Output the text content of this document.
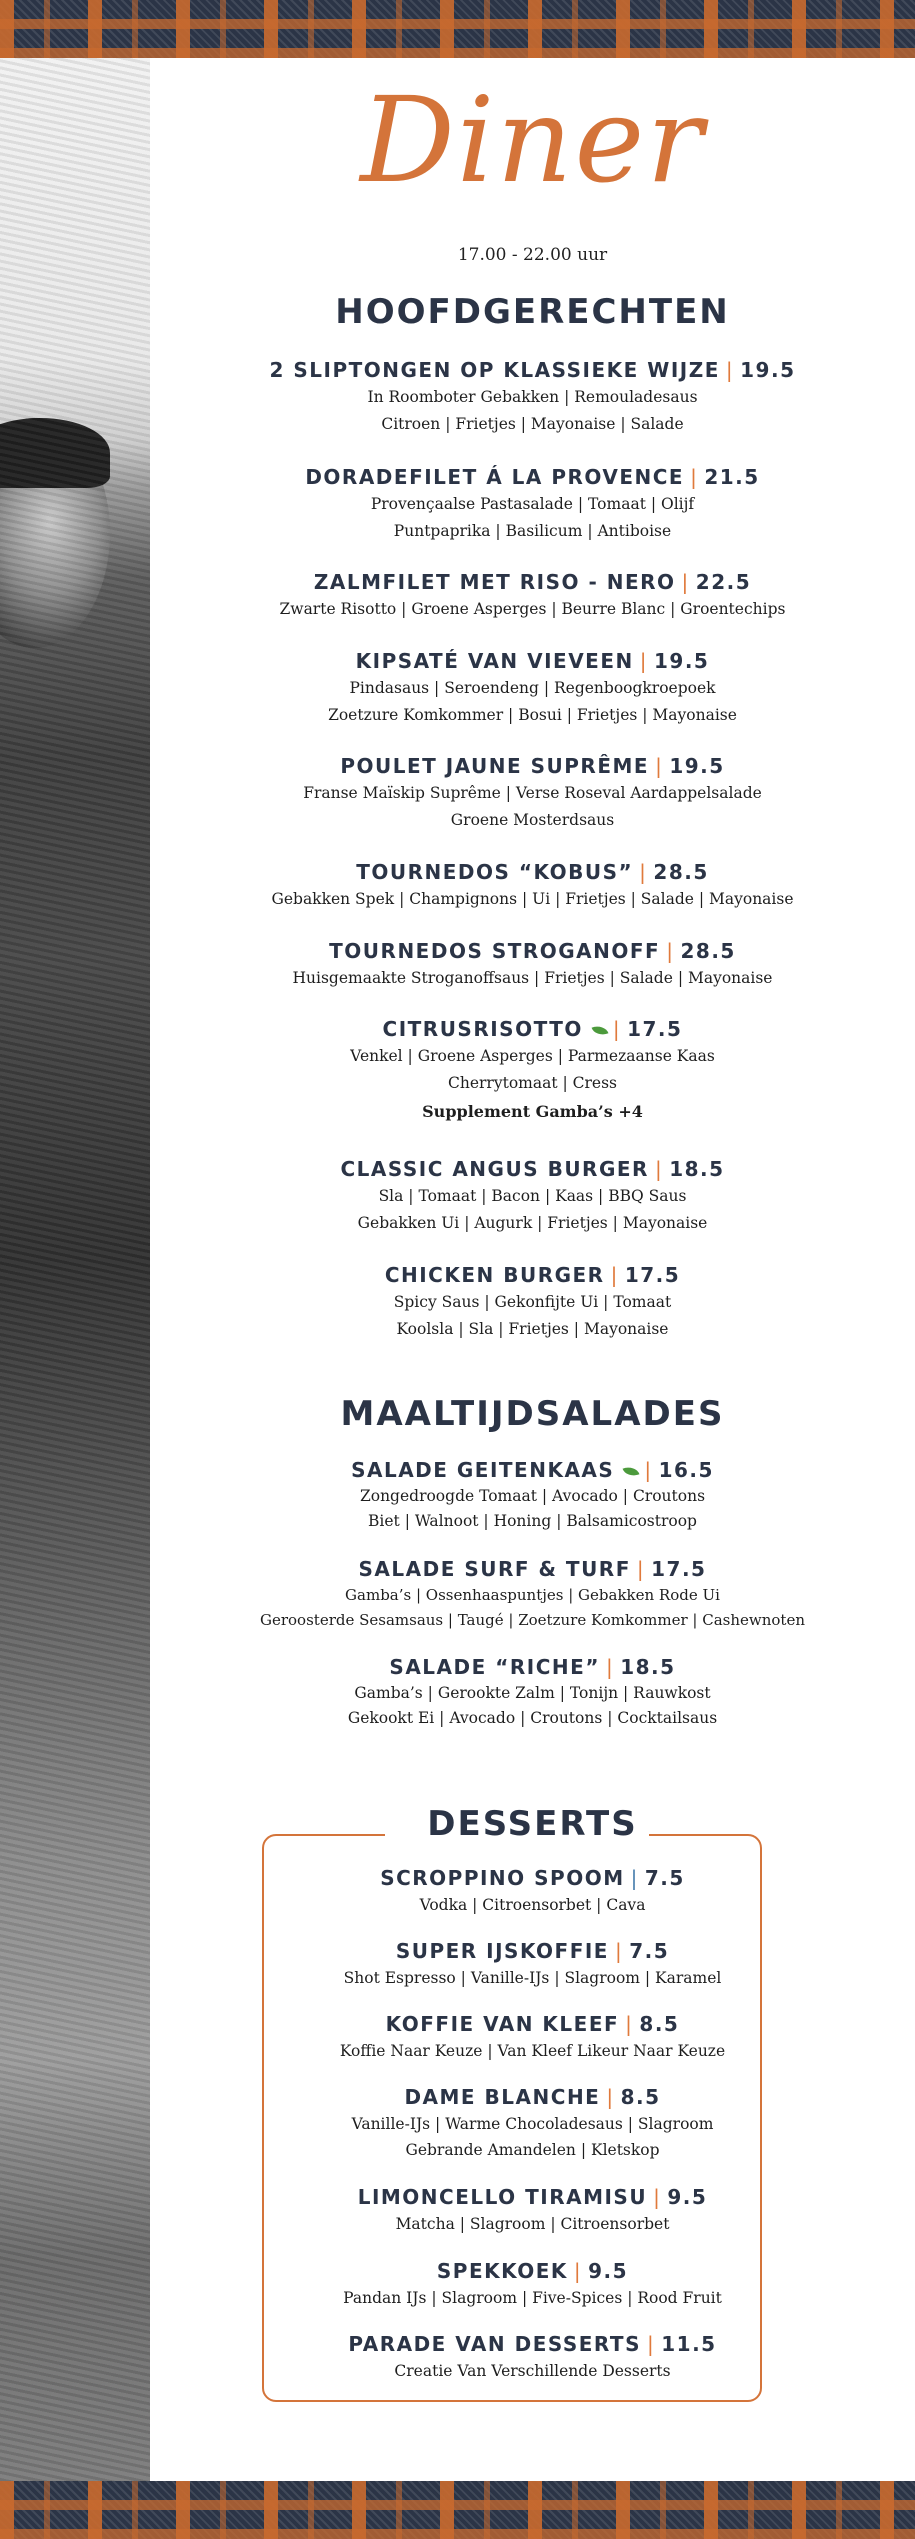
Diner
17.00 - 22.00 uur
HOOFDGERECHTEN
2 SLIPTONGEN OP KLASSIEKE WIJZE | 19.5
In Roomboter Gebakken | Remouladesaus
Citroen | Frietjes | Mayonaise | Salade
DORADEFILET Á LA PROVENCE | 21.5
Provençaalse Pastasalade | Tomaat | Olijf
Puntpaprika | Basilicum | Antiboise
ZALMFILET MET RISO - NERO | 22.5
Zwarte Risotto | Groene Asperges | Beurre Blanc | Groentechips
KIPSATÉ VAN VIEVEEN | 19.5
Pindasaus | Seroendeng | Regenboogkroepoek
Zoetzure Komkommer | Bosui | Frietjes | Mayonaise
POULET JAUNE SUPRÊME | 19.5
Franse Maïskip Suprême | Verse Roseval Aardappelsalade
Groene Mosterdsaus
TOURNEDOS “KOBUS” | 28.5
Gebakken Spek | Champignons | Ui | Frietjes | Salade | Mayonaise
TOURNEDOS STROGANOFF | 28.5
Huisgemaakte Stroganoffsaus | Frietjes | Salade | Mayonaise
CITRUSRISOTTO | 17.5
Venkel | Groene Asperges | Parmezaanse Kaas
Cherrytomaat | Cress
Supplement Gamba’s +4
CLASSIC ANGUS BURGER | 18.5
Sla | Tomaat | Bacon | Kaas | BBQ Saus
Gebakken Ui | Augurk | Frietjes | Mayonaise
CHICKEN BURGER | 17.5
Spicy Saus | Gekonfijte Ui | Tomaat
Koolsla | Sla | Frietjes | Mayonaise
MAALTIJDSALADES
SALADE GEITENKAAS | 16.5
Zongedroogde Tomaat | Avocado | Croutons
Biet | Walnoot | Honing | Balsamicostroop
SALADE SURF & TURF | 17.5
Gamba’s | Ossenhaaspuntjes | Gebakken Rode Ui
Geroosterde Sesamsaus | Taugé | Zoetzure Komkommer | Cashewnoten
SALADE “RICHE” | 18.5
Gamba’s | Gerookte Zalm | Tonijn | Rauwkost
Gekookt Ei | Avocado | Croutons | Cocktailsaus
DESSERTS
SCROPPINO SPOOM | 7.5
Vodka | Citroensorbet | Cava
SUPER IJSKOFFIE | 7.5
Shot Espresso | Vanille-IJs | Slagroom | Karamel
KOFFIE VAN KLEEF | 8.5
Koffie Naar Keuze | Van Kleef Likeur Naar Keuze
DAME BLANCHE | 8.5
Vanille-IJs | Warme Chocoladesaus | Slagroom
Gebrande Amandelen | Kletskop
LIMONCELLO TIRAMISU | 9.5
Matcha | Slagroom | Citroensorbet
SPEKKOEK | 9.5
Pandan IJs | Slagroom | Five-Spices | Rood Fruit
PARADE VAN DESSERTS | 11.5
Creatie Van Verschillende Desserts
